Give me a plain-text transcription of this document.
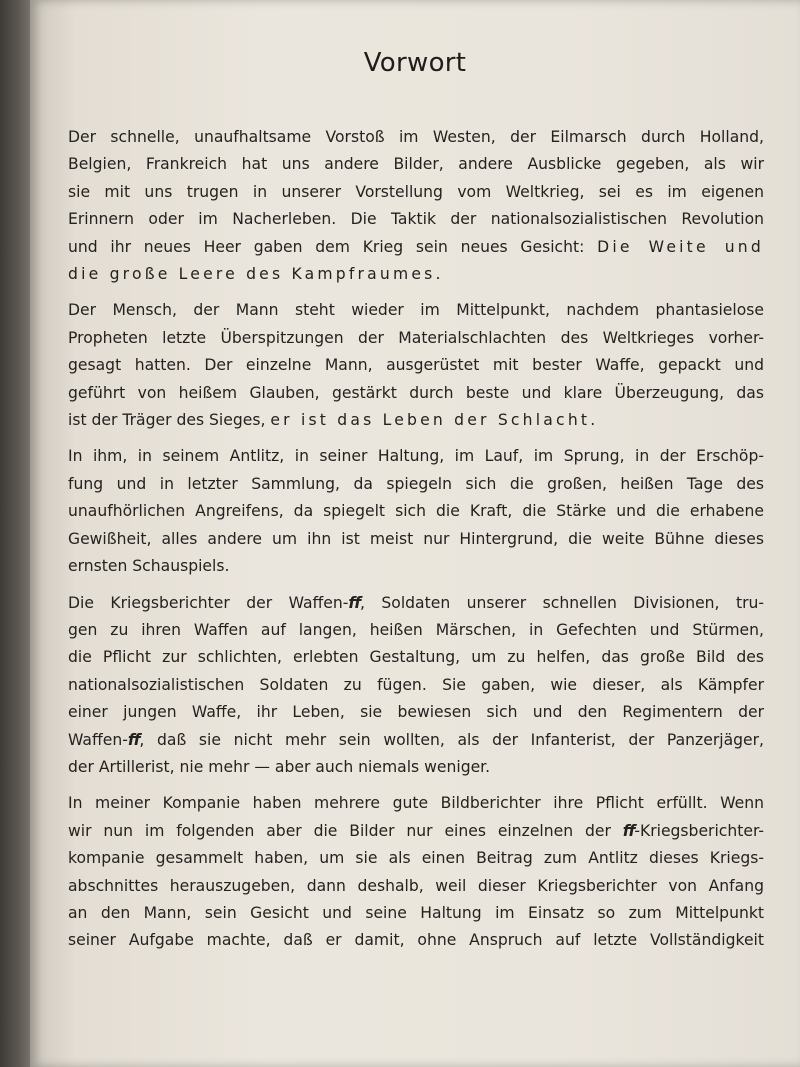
Vorwort
Der schnelle, unaufhaltsame Vorstoß im Westen, der Eilmarsch durch Holland,
Belgien, Frankreich hat uns andere Bilder, andere Ausblicke gegeben, als wir
sie mit uns trugen in unserer Vorstellung vom Weltkrieg, sei es im eigenen
Erinnern oder im Nacherleben. Die Taktik der nationalsozialistischen Revolution
und ihr neues Heer gaben dem Krieg sein neues Gesicht: Die Weite und
die große Leere des Kampfraumes.
Der Mensch, der Mann steht wieder im Mittelpunkt, nachdem phantasielose
Propheten letzte Überspitzungen der Materialschlachten des Weltkrieges vorher-
gesagt hatten. Der einzelne Mann, ausgerüstet mit bester Waffe, gepackt und
geführt von heißem Glauben, gestärkt durch beste und klare Überzeugung, das
ist der Träger des Sieges, er ist das Leben der Schlacht.
In ihm, in seinem Antlitz, in seiner Haltung, im Lauf, im Sprung, in der Erschöp-
fung und in letzter Sammlung, da spiegeln sich die großen, heißen Tage des
unaufhörlichen Angreifens, da spiegelt sich die Kraft, die Stärke und die erhabene
Gewißheit, alles andere um ihn ist meist nur Hintergrund, die weite Bühne dieses
ernsten Schauspiels.
Die Kriegsberichter der Waffen-ff, Soldaten unserer schnellen Divisionen, tru-
gen zu ihren Waffen auf langen, heißen Märschen, in Gefechten und Stürmen,
die Pflicht zur schlichten, erlebten Gestaltung, um zu helfen, das große Bild des
nationalsozialistischen Soldaten zu fügen. Sie gaben, wie dieser, als Kämpfer
einer jungen Waffe, ihr Leben, sie bewiesen sich und den Regimentern der
Waffen-ff, daß sie nicht mehr sein wollten, als der Infanterist, der Panzerjäger,
der Artillerist, nie mehr — aber auch niemals weniger.
In meiner Kompanie haben mehrere gute Bildberichter ihre Pflicht erfüllt. Wenn
wir nun im folgenden aber die Bilder nur eines einzelnen der ff-Kriegsberichter-
kompanie gesammelt haben, um sie als einen Beitrag zum Antlitz dieses Kriegs-
abschnittes herauszugeben, dann deshalb, weil dieser Kriegsberichter von Anfang
an den Mann, sein Gesicht und seine Haltung im Einsatz so zum Mittelpunkt
seiner Aufgabe machte, daß er damit, ohne Anspruch auf letzte Vollständigkeit
